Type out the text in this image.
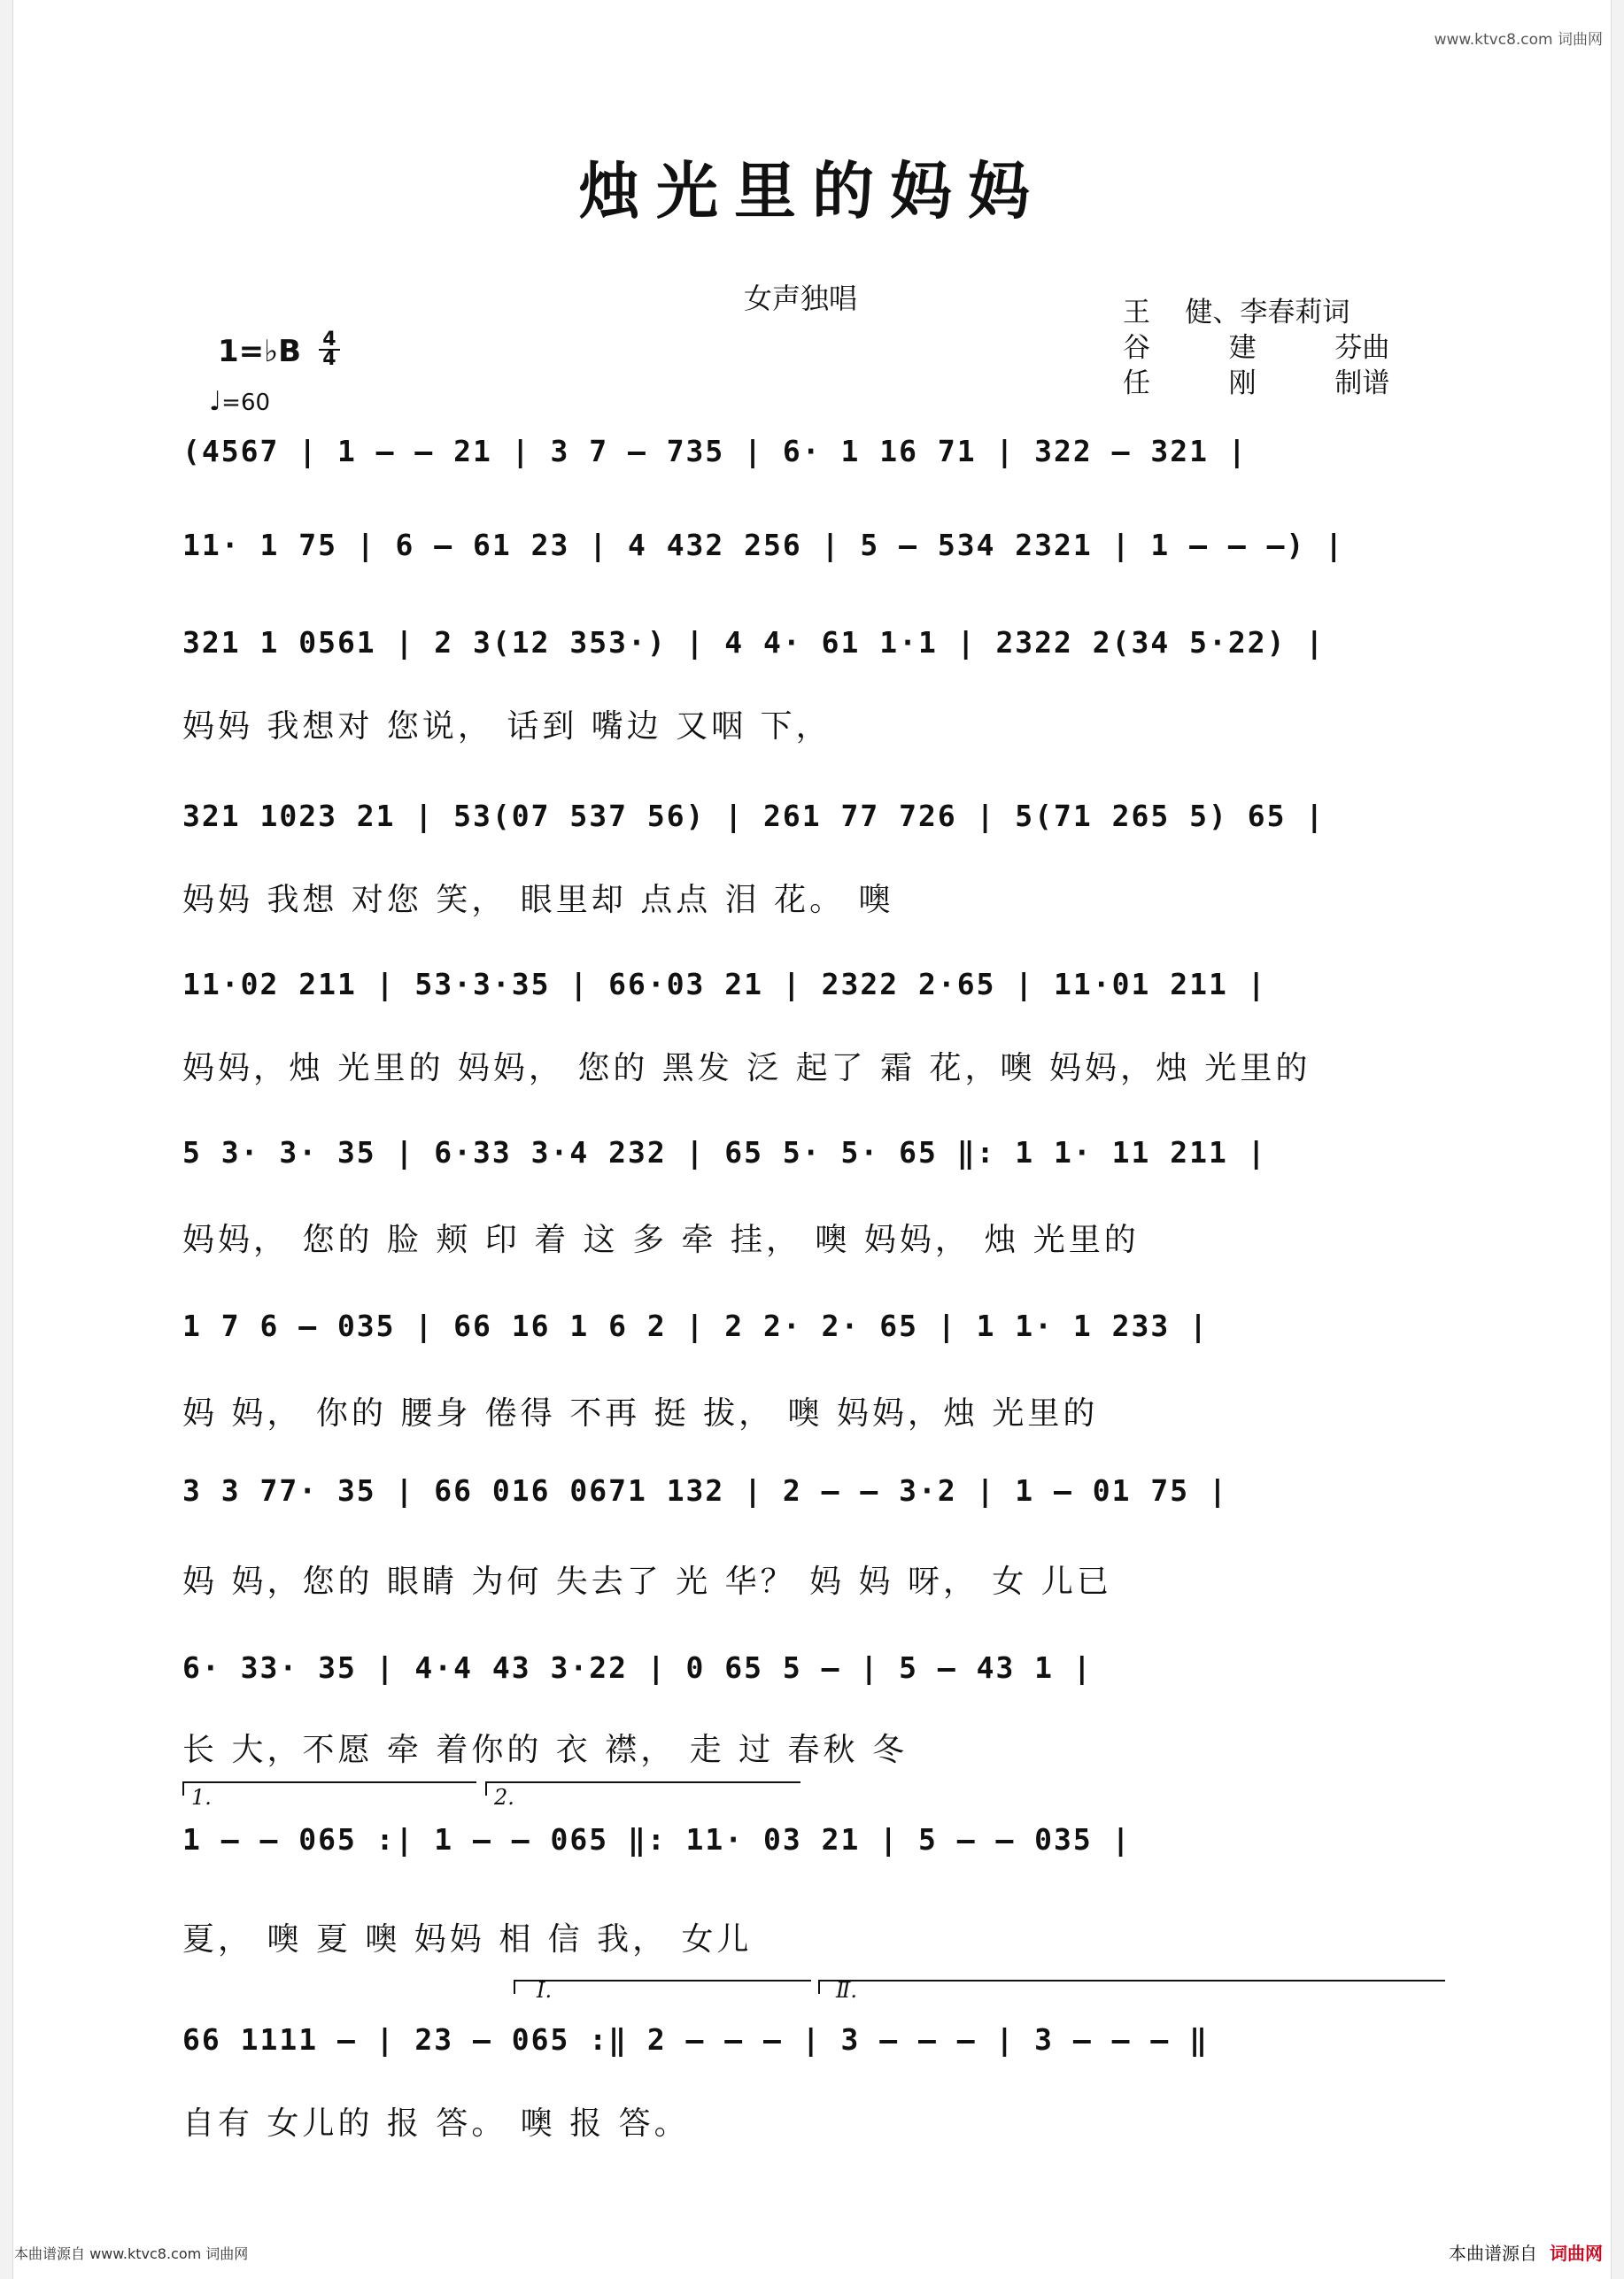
www.ktvc8.com 词曲网
烛光里的妈妈
女声独唱	王    健、李春莉词
谷         建         芬曲
任         刚         制谱
1=♭B $\frac{4}{4}$
♩=60
(4567 | 1 – – 21 | 3 7 – 735 | 6· 1 16 71 | 322 – 321 |
11· 1 75 | 6 – 61 23 | 4 432 256 | 5 – 534 2321 | 1 – – –) |
321 1 0561 | 2 3(12 353·) | 4 4· 61 1·1 | 2322 2(34 5·22) |
妈妈 我想对 您说， 话到 嘴边 又咽 下，
321 1023 21 | 53(07 537 56) | 261 77 726 | 5(71 265 5) 65 |
妈妈 我想 对您 笑， 眼里却 点点 泪 花。 噢
11·02 211 | 53·3·35 | 66·03 21 | 2322 2·65 | 11·01 211 |
妈妈，烛 光里的 妈妈， 您的 黑发 泛 起了 霜 花，噢 妈妈，烛 光里的
5 3· 3· 35 | 6·33 3·4 232 | 65 5· 5· 65 ‖: 1 1· 11 211 |
妈妈， 您的 脸 颊 印 着 这 多 牵 挂， 噢 妈妈， 烛 光里的
1 7 6 – 035 | 66 16 1 6 2 | 2 2· 2· 65 | 1 1· 1 233 |
妈 妈， 你的 腰身 倦得 不再 挺 拔， 噢 妈妈，烛 光里的
3 3 77· 35 | 66 016 0671 132 | 2 – – 3·2 | 1 – 01 75 |
妈 妈，您的 眼睛 为何 失去了 光 华？ 妈 妈 呀， 女 儿已
6· 33· 35 | 4·4 43 3·22 | 0 65 5 – | 5 – 43 1 |
长 大，不愿 牵 着你的 衣 襟， 走 过 春秋 冬
1.	2.
1 – – 065 :| 1 – – 065 ‖: 11· 03 21 | 5 – – 035 |
夏， 噢 夏 噢 妈妈 相 信 我， 女儿
Ⅰ.	Ⅱ.
66 1111 – | 23 – 065 :‖ 2 – – – | 3 – – – | 3 – – – ‖
自有 女儿的 报 答。 噢 报 答。
本曲谱源自 www.ktvc8.com 词曲网	本曲谱源自 词曲网
